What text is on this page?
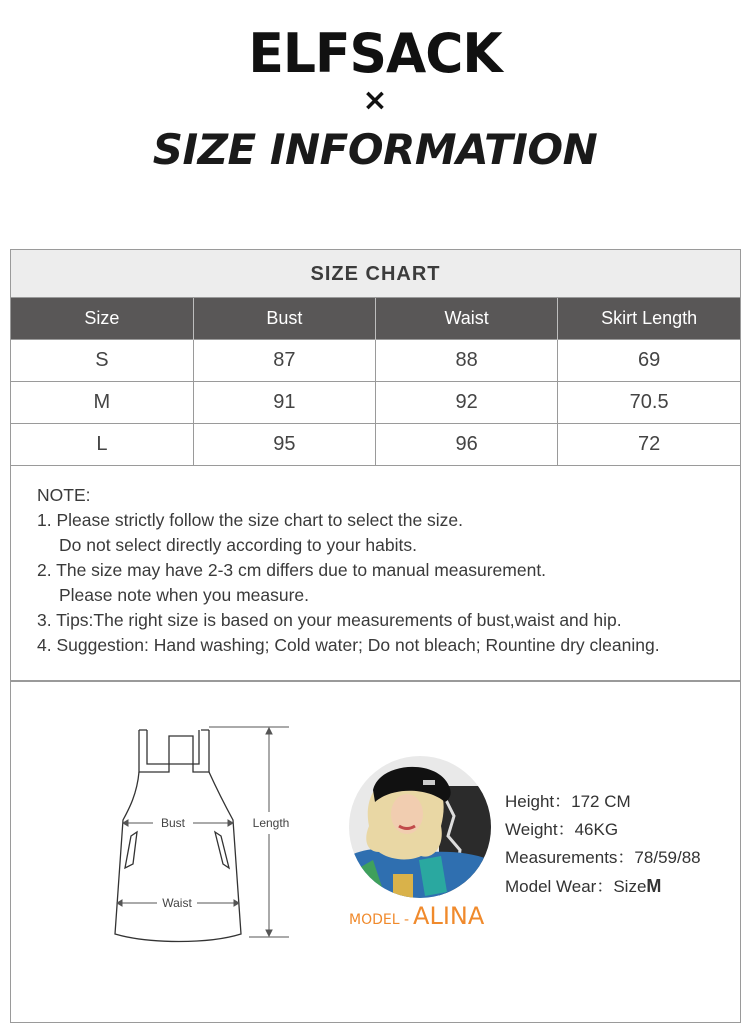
ELFSACK
×
SIZE INFORMATION
SIZE CHART
Size	Bust	Waist	Skirt Length
S	87	88	69
M	91	92	70.5
L	95	96	72
NOTE:
1. Please strictly follow the size chart to select the size.
Do not select directly according to your habits.
2. The size may have 2-3 cm differs due to manual measurement.
Please note when you measure.
3. Tips:The right size is based on your measurements of bust,waist and hip.
4. Suggestion: Hand washing; Cold water; Do not bleach; Rountine dry cleaning.
Bust
Waist
Length
MODEL - ALINA
Height：172 CM
Weight：46KG
Measurements：78/59/88
Model Wear：SizeM
